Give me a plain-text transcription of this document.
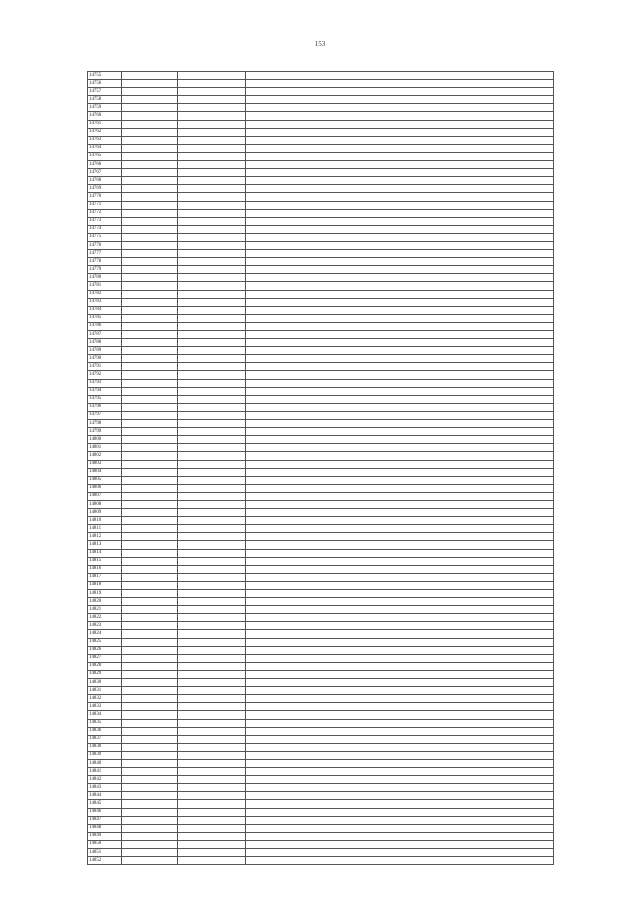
153
14755			
14756			
14757			
14758			
14759			
14760			
14761			
14762			
14763			
14764			
14765			
14766			
14767			
14768			
14769			
14770			
14771			
14772			
14773			
14774			
14775			
14776			
14777			
14778			
14779			
14780			
14781			
14782			
14783			
14784			
14785			
14786			
14787			
14788			
14789			
14790			
14791			
14792			
14793			
14794			
14795			
14796			
14797			
14798			
14799			
14800			
14801			
14802			
14803			
14804			
14805			
14806			
14807			
14808			
14809			
14810			
14811			
14812			
14813			
14814			
14815			
14816			
14817			
14818			
14819			
14820			
14821			
14822			
14823			
14824			
14825			
14826			
14827			
14828			
14829			
14830			
14831			
14832			
14833			
14834			
14835			
14836			
14837			
14838			
14839			
14840			
14841			
14842			
14843			
14844			
14845			
14846			
14847			
14848			
14849			
14850			
14851			
14852			
